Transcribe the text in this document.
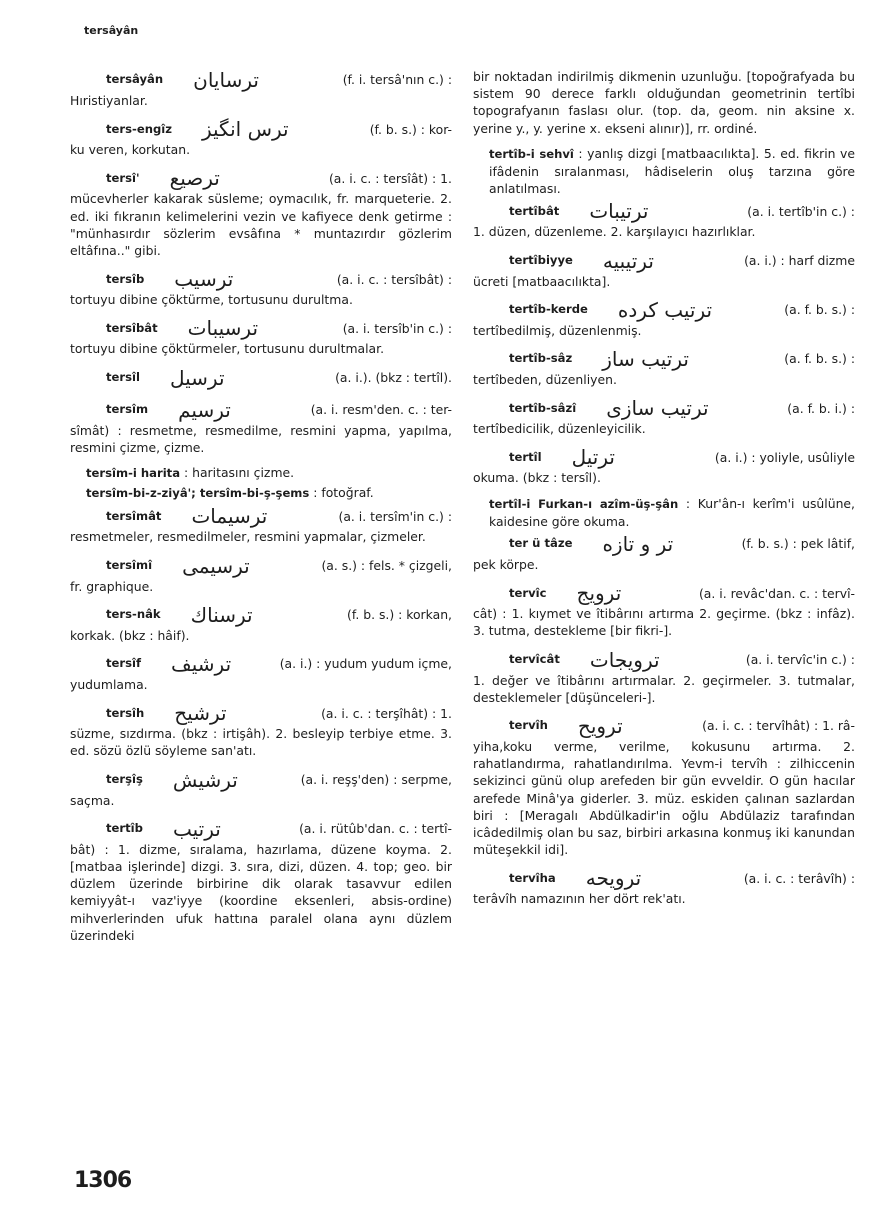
tersâyân
tersâyân ترسايان	(f. i. tersâ'nın c.) :
Hıristiyanlar.
ters-engîz ترس انگيز	(f. b. s.) : kor-
ku veren, korkutan.
tersî' ترصيع	(a. i. c. : tersîât) : 1.
mücevherler kakarak süsleme; oymacılık, fr. marqueterie. 2. ed. iki fıkranın kelimelerini vezin ve kafiyece denk getirme : "münhasırdır sözlerim evsâfına * muntazırdır gözlerim eltâfına.." gibi.
tersîb ترسيب	(a. i. c. : tersîbât) :
tortuyu dibine çöktürme, tortusunu durultma.
tersîbât ترسيبات	(a. i. tersîb'in c.) :
tortuyu dibine çöktürmeler, tortusunu durultmalar.
tersîl ترسيل	(a. i.). (bkz : tertîl).
tersîm ترسيم	(a. i. resm'den. c. : ter-
sîmât) : resmetme, resmedilme, resmini yapma, yapılma, resmini çizme, çizme.
tersîm-i harita : haritasını çizme.
tersîm-bi-z-ziyâ'; tersîm-bi-ş-şems : fotoğraf.
tersîmât ترسيمات	(a. i. tersîm'in c.) :
resmetmeler, resmedilmeler, resmini yapmalar, çizmeler.
tersîmî ترسيمى	(a. s.) : fels. * çizgeli,
fr. graphique.
ters-nâk ترسناك	(f. b. s.) : korkan,
korkak. (bkz : hâif).
tersîf ترشيف	(a. i.) : yudum yudum içme,
yudumlama.
tersîh ترشيح	(a. i. c. : terşîhât) : 1.
süzme, sızdırma. (bkz : irtişâh). 2. besleyip terbiye etme. 3. ed. sözü özlü söyleme san'atı.
terşîş ترشيش	(a. i. reşş'den) : serpme,
saçma.
tertîb ترتيب	(a. i. rütûb'dan. c. : tertî-
bât) : 1. dizme, sıralama, hazırlama, düzene koyma. 2. [matbaa işlerinde] dizgi. 3. sıra, dizi, düzen. 4. top; geo. bir düzlem üzerinde birbirine dik olarak tasavvur edilen kemiyyât-ı vaz'iyye (koordine eksenleri, absis-ordine) mihverlerinden ufuk hattına paralel olana aynı düzlem üzerindeki
bir noktadan indirilmiş dikmenin uzunluğu. [topoğrafyada bu sistem 90 derece farklı olduğundan geometrinin tertîbi topografyanın faslası olur. (top. da, geom. nin aksine x. yerine y., y. yerine x. ekseni alınır)], rr. ordiné.
tertîb-i sehvî : yanlış dizgi [matbaacılıkta]. 5. ed. fikrin ve ifâdenin sıralanması, hâdiselerin oluş tarzına göre anlatılması.
tertîbât ترتيبات	(a. i. tertîb'in c.) :
1. düzen, düzenleme. 2. karşılayıcı hazırlıklar.
tertîbiyye ترتيبيه	(a. i.) : harf dizme
ücreti [matbaacılıkta].
tertîb-kerde ترتيب كرده	(a. f. b. s.) :
tertîbedilmiş, düzenlenmiş.
tertîb-sâz ترتيب ساز	(a. f. b. s.) :
tertîbeden, düzenliyen.
tertîb-sâzî ترتيب سازى	(a. f. b. i.) :
tertîbedicilik, düzenleyicilik.
tertîl ترتيل	(a. i.) : yoliyle, usûliyle
okuma. (bkz : tersîl).
tertîl-i Furkan-ı azîm-üş-şân : Kur'ân-ı kerîm'i usûlüne, kaidesine göre okuma.
ter ü tâze تر و تازه	(f. b. s.) : pek lâtif,
pek körpe.
tervîc ترويج	(a. i. revâc'dan. c. : tervî-
cât) : 1. kıymet ve îtibârını artırma 2. geçirme. (bkz : infâz). 3. tutma, destekleme [bir fikri-].
tervîcât ترويجات	(a. i. tervîc'in c.) :
1. değer ve îtibârını artırmalar. 2. geçirmeler. 3. tutmalar, desteklemeler [düşünceleri-].
tervîh ترويح	(a. i. c. : tervîhât) : 1. râ-
yiha,koku verme, verilme, kokusunu artırma. 2. rahatlandırma, rahatlandırılma. Yevm-i tervîh : zilhiccenin sekizinci günü olup arefeden bir gün evveldir. O gün hacılar arefede Minâ'ya giderler. 3. müz. eskiden çalınan sazlardan biri : [Meragalı Abdülkadir'in oğlu Abdülaziz tarafından icâdedilmiş olan bu saz, birbiri arkasına konmuş iki kanundan müteşekkil idi].
tervîha ترويحه	(a. i. c. : terâvîh) :
terâvîh namazının her dört rek'atı.
1306
